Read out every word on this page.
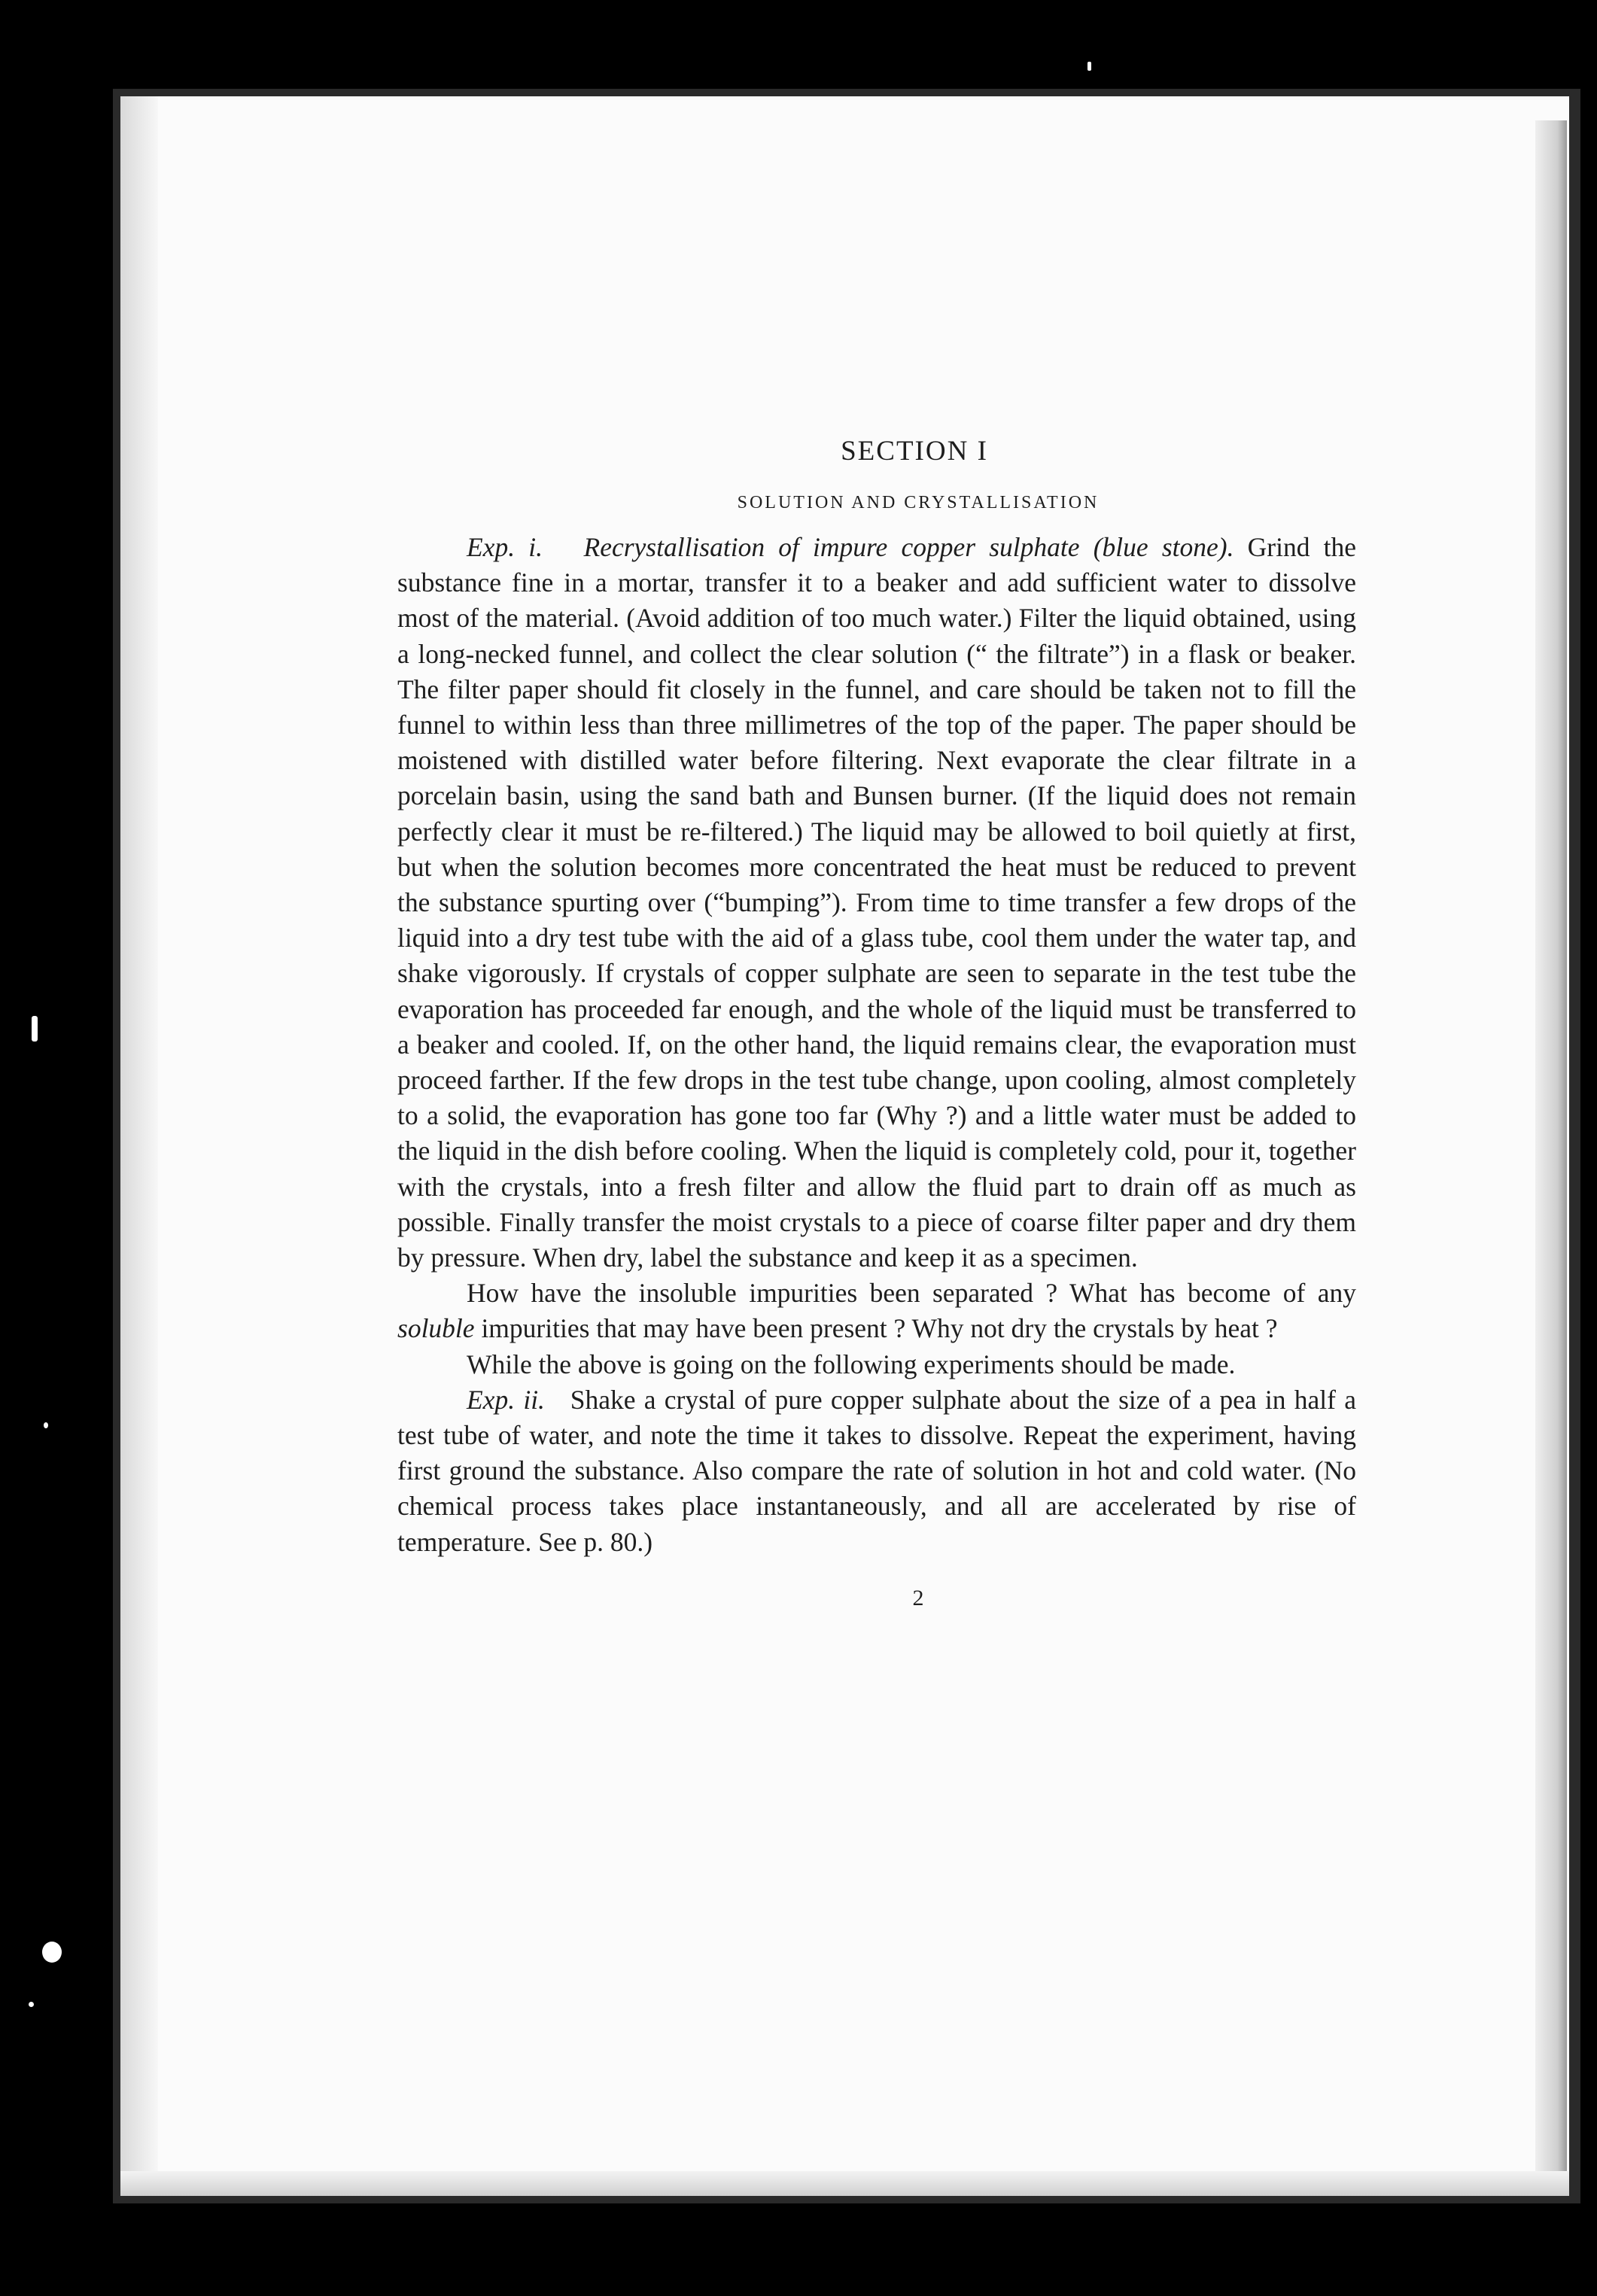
SECTION I
SOLUTION AND CRYSTALLISATION

Exp. i. Recrystallisation of impure copper sulphate (blue stone). Grind the substance fine in a mortar, transfer it to a beaker and add sufficient water to dissolve most of the material. (Avoid addition of too much water.) Filter the liquid obtained, using a long-necked funnel, and collect the clear solution (“ the filtrate”) in a flask or beaker. The filter paper should fit closely in the funnel, and care should be taken not to fill the funnel to within less than three millimetres of the top of the paper. The paper should be moistened with distilled water before filtering. Next evaporate the clear filtrate in a porcelain basin, using the sand bath and Bunsen burner. (If the liquid does not remain perfectly clear it must be re-filtered.) The liquid may be allowed to boil quietly at first, but when the solution becomes more concentrated the heat must be reduced to prevent the substance spurting over (“bumping”). From time to time transfer a few drops of the liquid into a dry test tube with the aid of a glass tube, cool them under the water tap, and shake vigorously. If crystals of copper sulphate are seen to separate in the test tube the evaporation has proceeded far enough, and the whole of the liquid must be transferred to a beaker and cooled. If, on the other hand, the liquid remains clear, the evaporation must proceed farther. If the few drops in the test tube change, upon cooling, almost completely to a solid, the evaporation has gone too far (Why ?) and a little water must be added to the liquid in the dish before cooling. When the liquid is completely cold, pour it, together with the crystals, into a fresh filter and allow the fluid part to drain off as much as possible. Finally transfer the moist crystals to a piece of coarse filter paper and dry them by pressure. When dry, label the substance and keep it as a specimen.

How have the insoluble impurities been separated ? What has become of any soluble impurities that may have been present ? Why not dry the crystals by heat ?

While the above is going on the following experiments should be made.

Exp. ii. Shake a crystal of pure copper sulphate about the size of a pea in half a test tube of water, and note the time it takes to dissolve. Repeat the experiment, having first ground the substance. Also compare the rate of solution in hot and cold water. (No chemical process takes place instantaneously, and all are accelerated by rise of temperature. See p. 80.)

2
